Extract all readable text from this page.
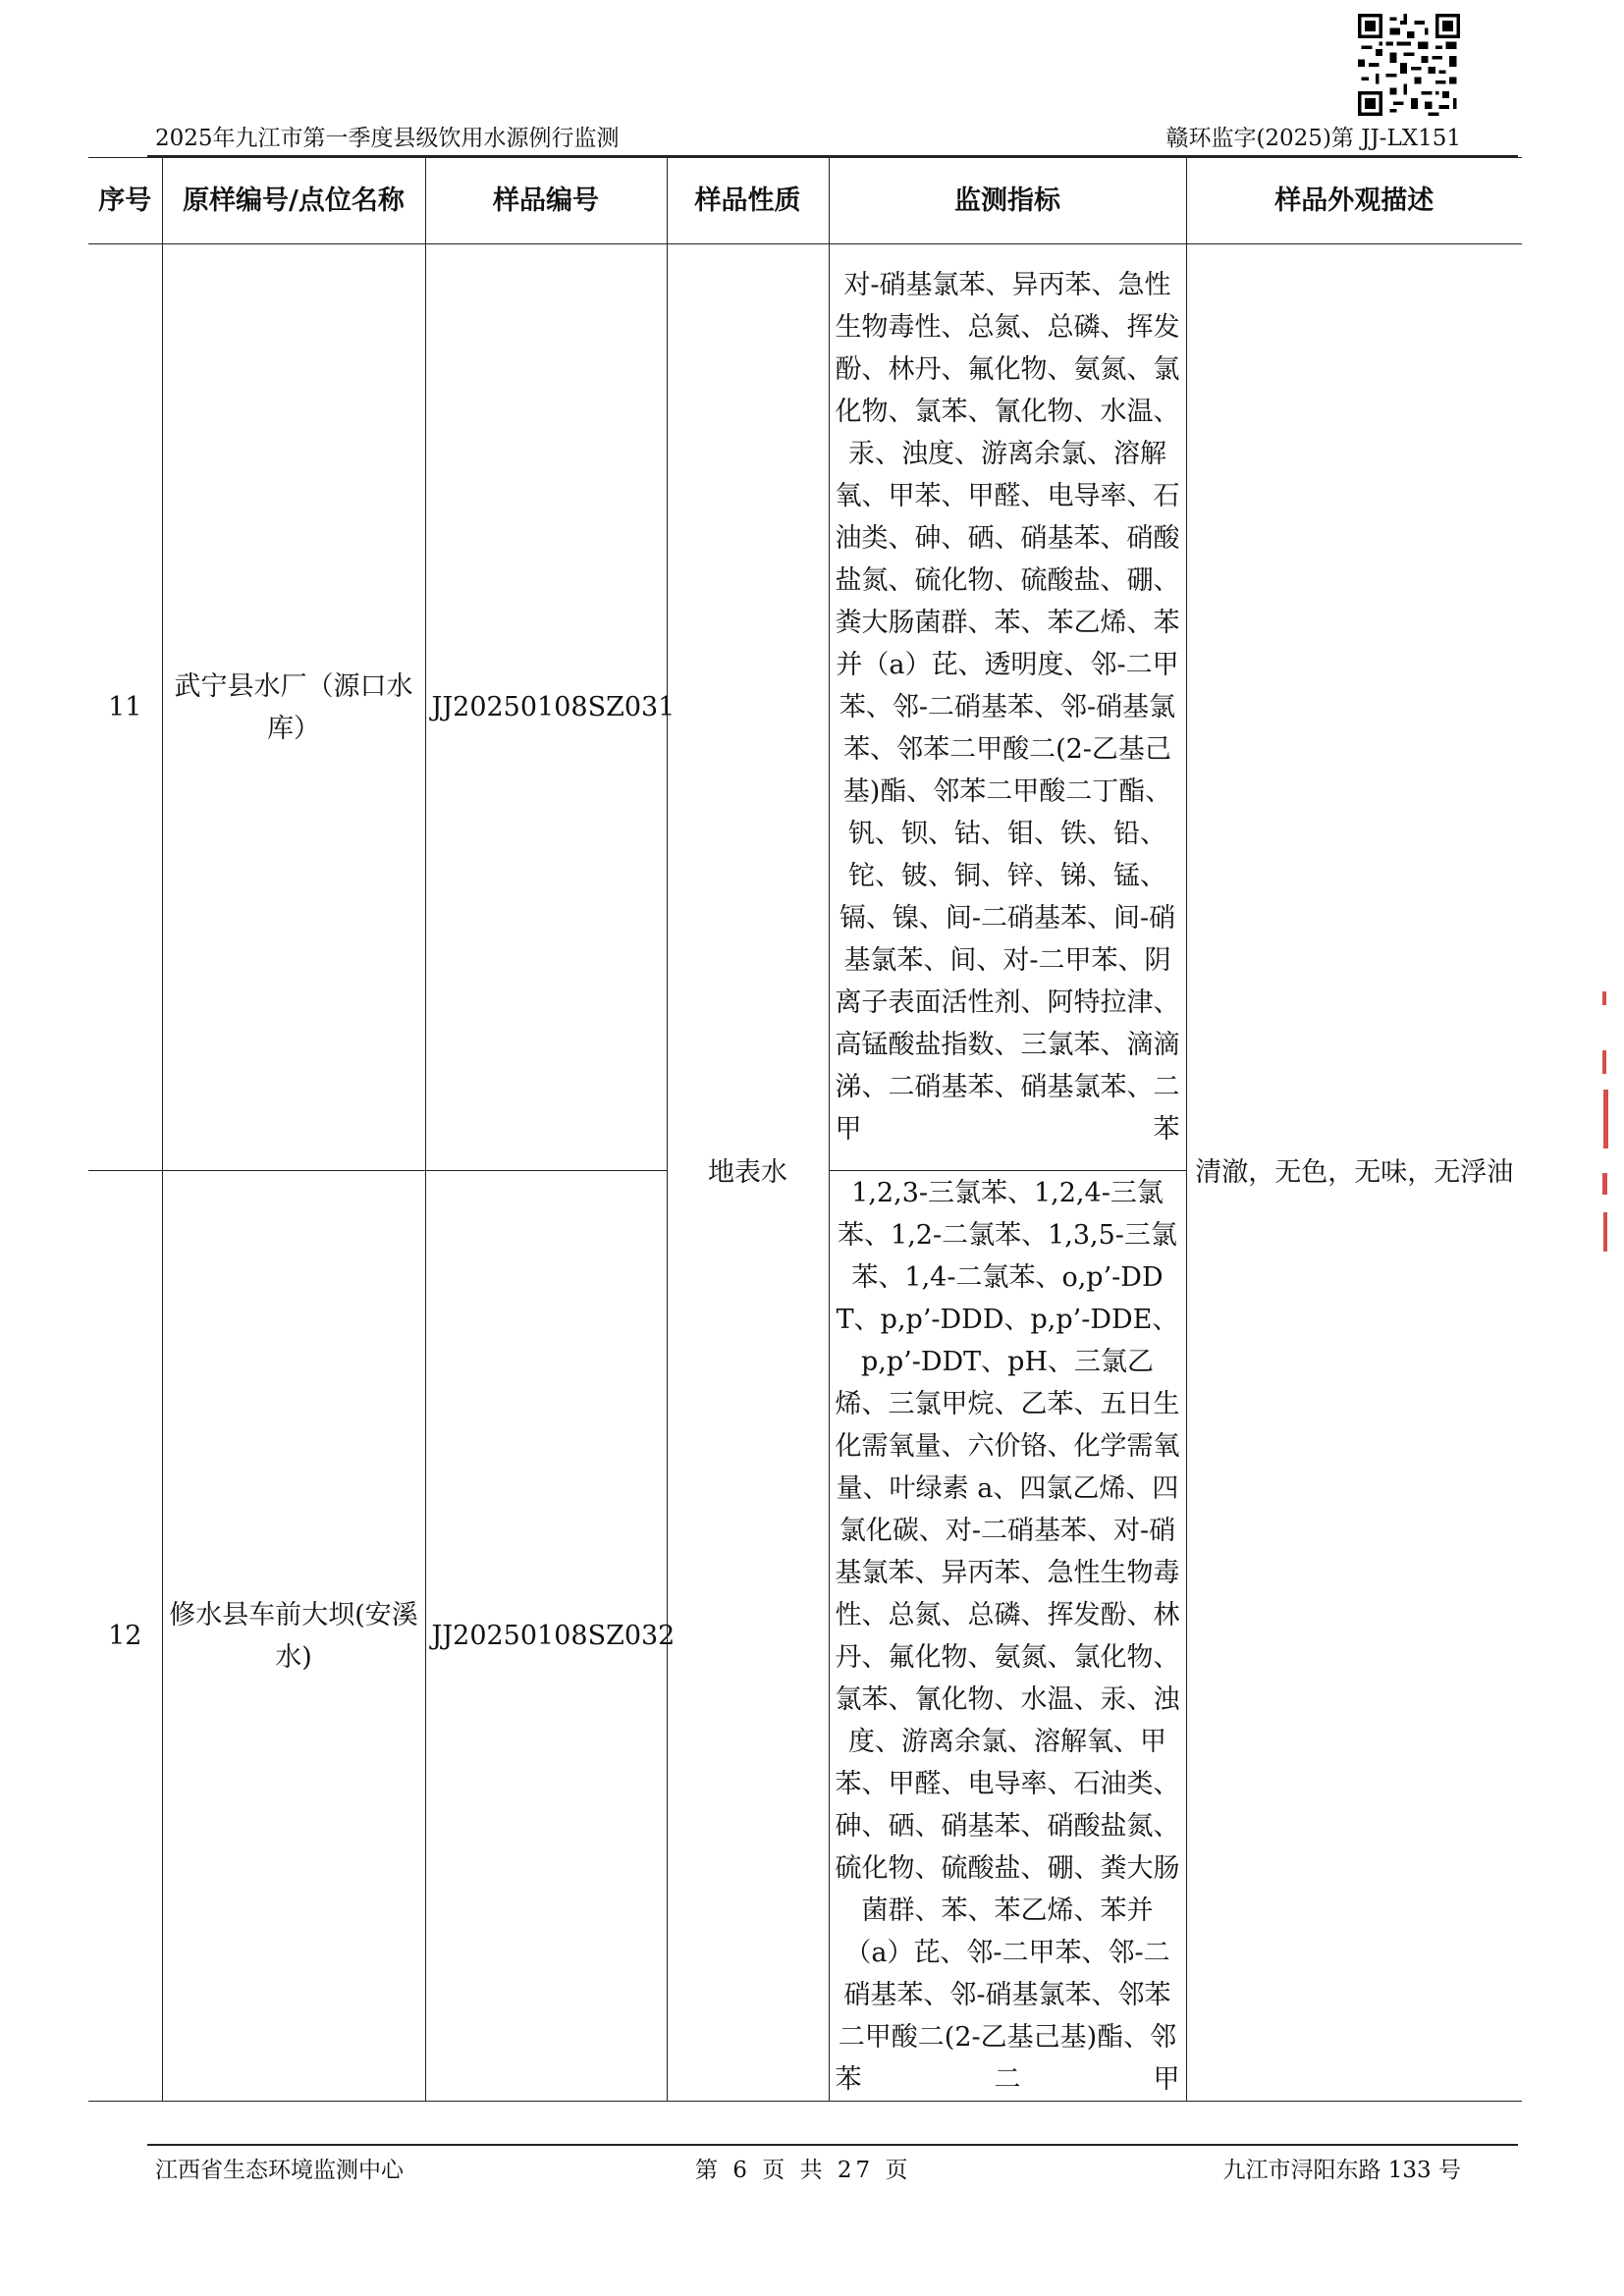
2025年九江市第一季度县级饮用水源例行监测	赣环监字(2025)第 JJ-LX151
序号	原样编号/点位名称	样品编号	样品性质	监测指标	样品外观描述
11	武宁县水厂（源口水库）	JJ20250108SZ031	地表水	对-硝基氯苯、异丙苯、急性生物毒性、总氮、总磷、挥发酚、林丹、氟化物、氨氮、氯化物、氯苯、氰化物、水温、汞、浊度、游离余氯、溶解氧、甲苯、甲醛、电导率、石油类、砷、硒、硝基苯、硝酸盐氮、硫化物、硫酸盐、硼、粪大肠菌群、苯、苯乙烯、苯并（a）芘、透明度、邻-二甲苯、邻-二硝基苯、邻-硝基氯苯、邻苯二甲酸二(2-乙基己基)酯、邻苯二甲酸二丁酯、钒、钡、钴、钼、铁、铅、铊、铍、铜、锌、锑、锰、镉、镍、间-二硝基苯、间-硝基氯苯、间、对-二甲苯、阴离子表面活性剂、阿特拉津、高锰酸盐指数、三氯苯、滴滴涕、二硝基苯、硝基氯苯、二甲苯	清澈，无色，无味，无浮油
12	修水县车前大坝(安溪水)	JJ20250108SZ032		1,2,3-三氯苯、1,2,4-三氯苯、1,2-二氯苯、1,3,5-三氯苯、1,4-二氯苯、o,p’-DDT、p,p’-DDD、p,p’-DDE、p,p’-DDT、pH、三氯乙烯、三氯甲烷、乙苯、五日生化需氧量、六价铬、化学需氧量、叶绿素 a、四氯乙烯、四氯化碳、对-二硝基苯、对-硝基氯苯、异丙苯、急性生物毒性、总氮、总磷、挥发酚、林丹、氟化物、氨氮、氯化物、氯苯、氰化物、水温、汞、浊度、游离余氯、溶解氧、甲苯、甲醛、电导率、石油类、砷、硒、硝基苯、硝酸盐氮、硫化物、硫酸盐、硼、粪大肠菌群、苯、苯乙烯、苯并（a）芘、邻-二甲苯、邻-二硝基苯、邻-硝基氯苯、邻苯二甲酸二(2-乙基己基)酯、邻苯二甲	
江西省生态环境监测中心	第 6 页 共 27 页	九江市浔阳东路 133 号
